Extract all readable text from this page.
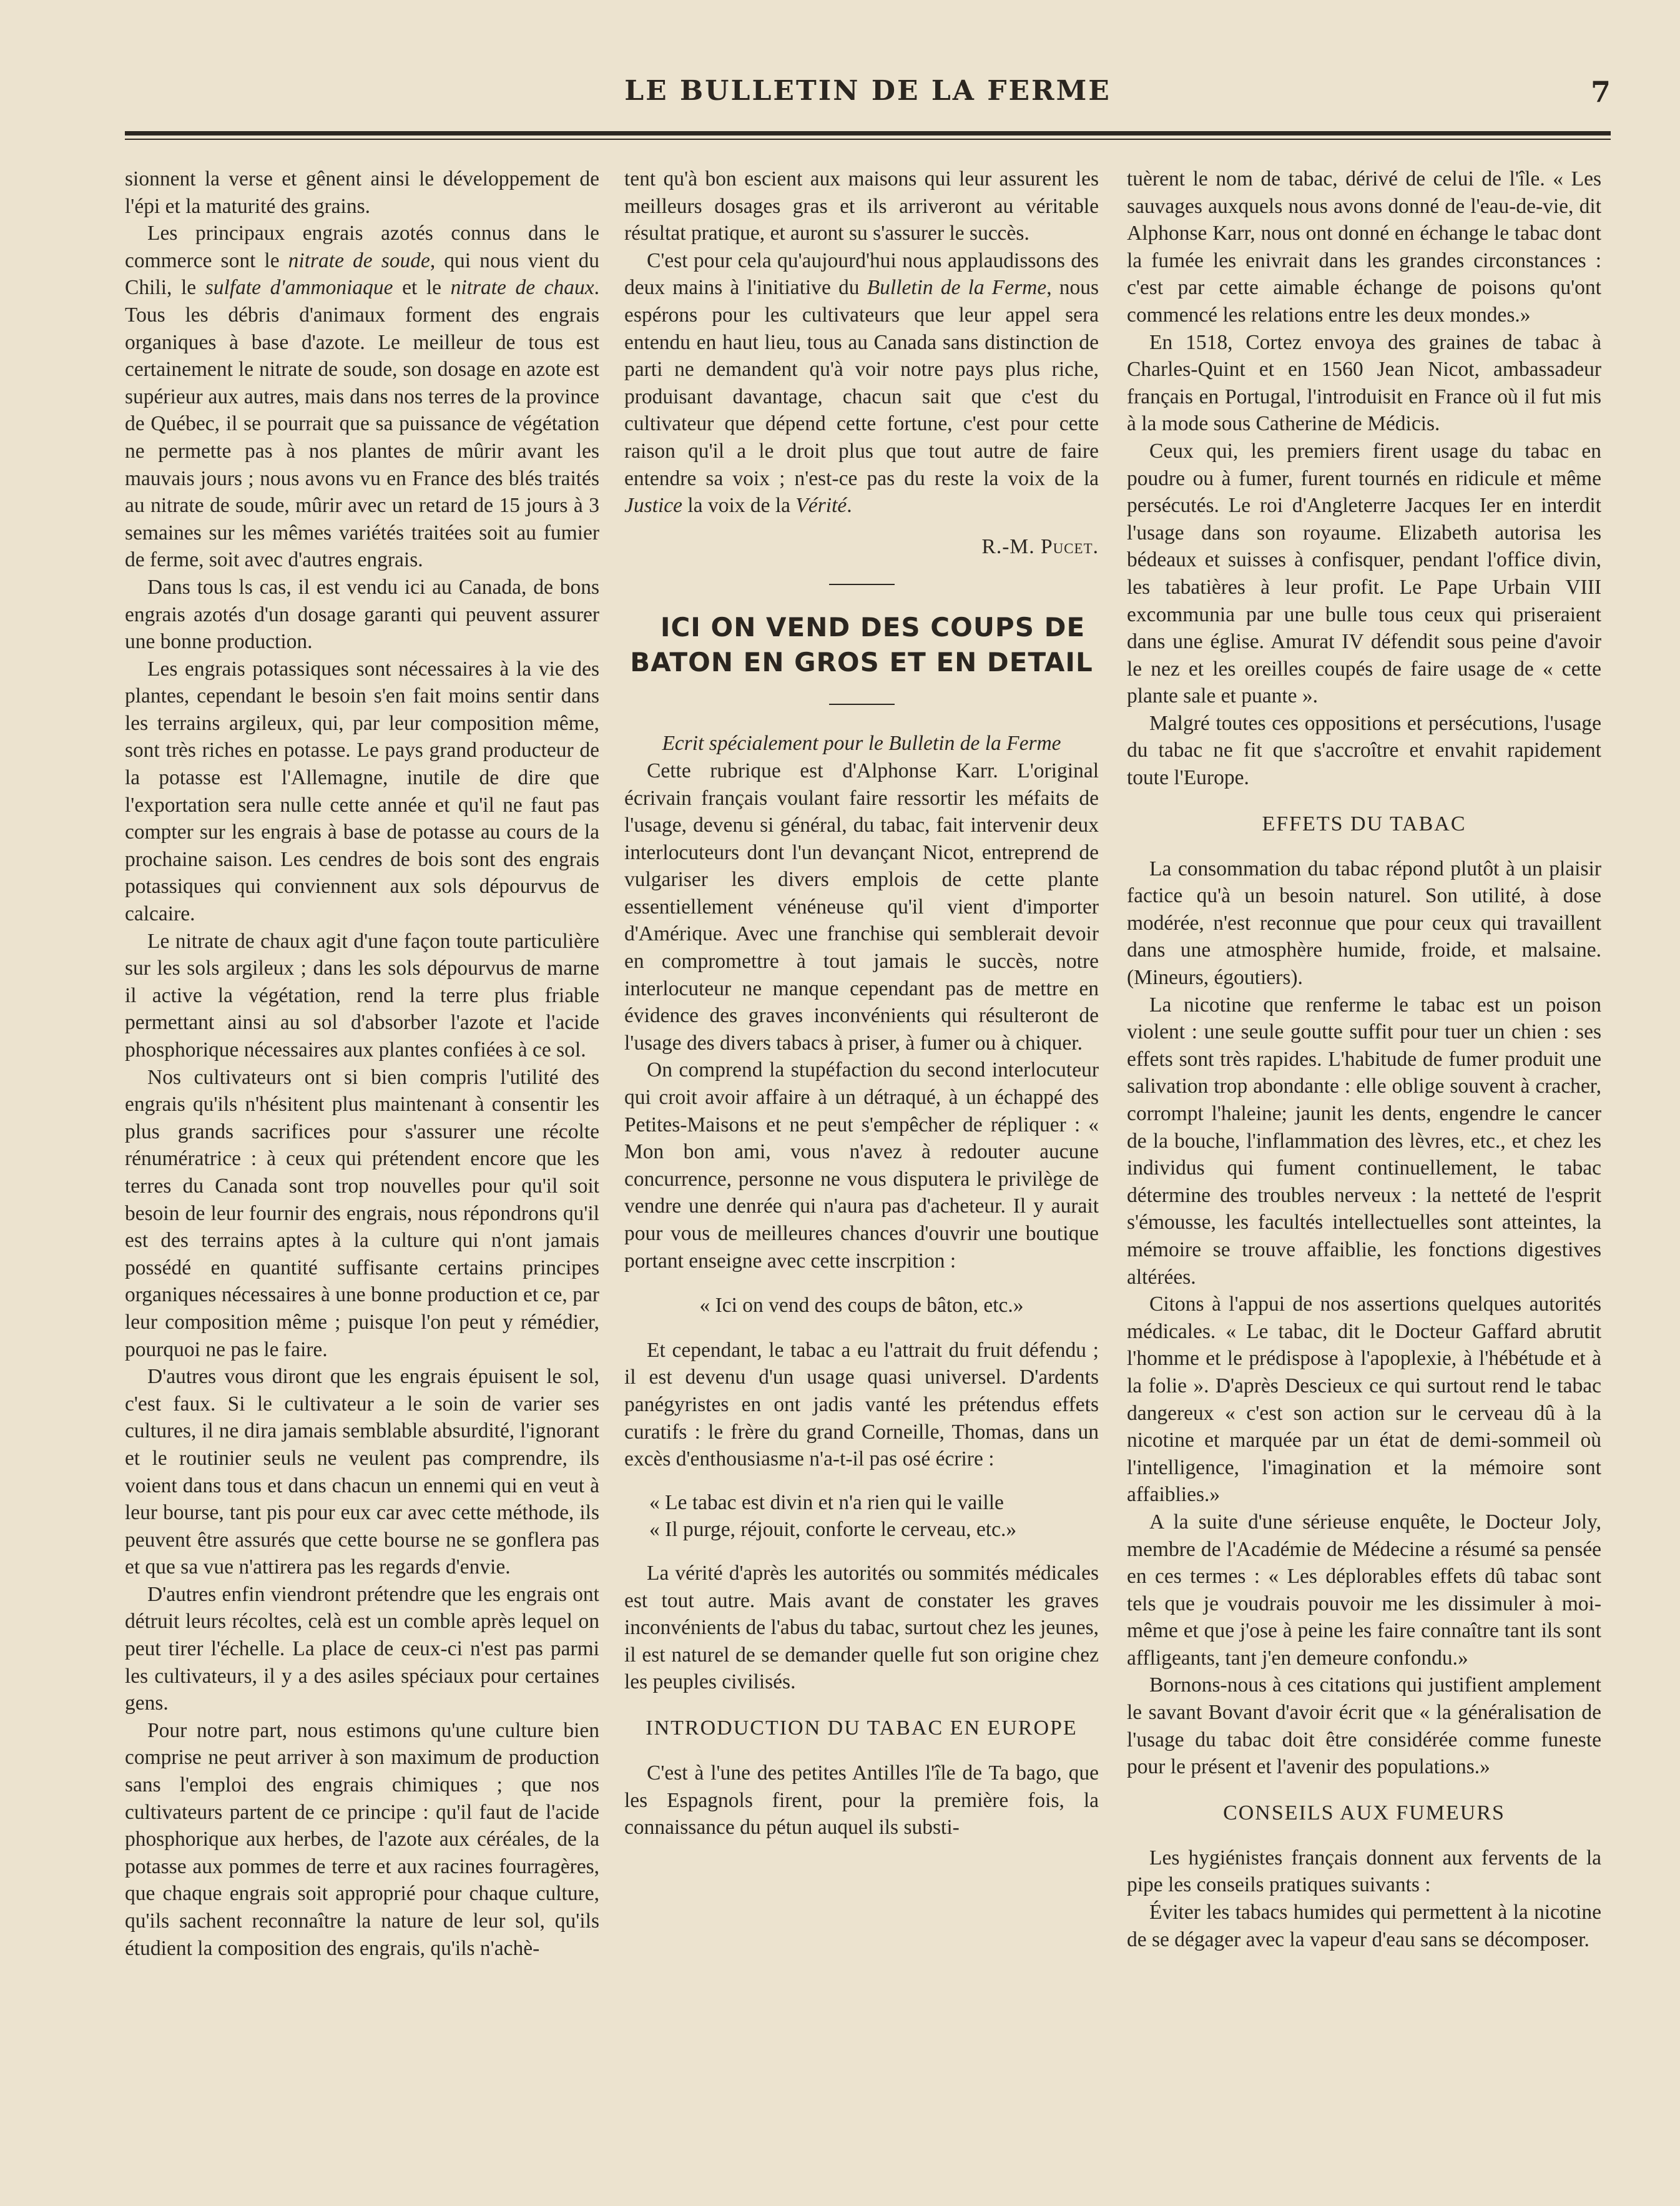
LE BULLETIN DE LA FERME	7

sionnent la verse et gênent ainsi le développement de l'épi et la maturité des grains.

Les principaux engrais azotés connus dans le commerce sont le nitrate de soude, qui nous vient du Chili, le sulfate d'ammoniaque et le nitrate de chaux. Tous les débris d'animaux forment des engrais organiques à base d'azote. Le meilleur de tous est certainement le nitrate de soude, son dosage en azote est supérieur aux autres, mais dans nos terres de la province de Québec, il se pourrait que sa puissance de végétation ne permette pas à nos plantes de mûrir avant les mauvais jours ; nous avons vu en France des blés traités au nitrate de soude, mûrir avec un retard de 15 jours à 3 semaines sur les mêmes variétés traitées soit au fumier de ferme, soit avec d'autres engrais.

Dans tous ls cas, il est vendu ici au Canada, de bons engrais azotés d'un dosage garanti qui peuvent assurer une bonne production.

Les engrais potassiques sont nécessaires à la vie des plantes, cependant le besoin s'en fait moins sentir dans les terrains argileux, qui, par leur composition même, sont très riches en potasse. Le pays grand producteur de la potasse est l'Allemagne, inutile de dire que l'exportation sera nulle cette année et qu'il ne faut pas compter sur les engrais à base de potasse au cours de la prochaine saison. Les cendres de bois sont des engrais potassiques qui conviennent aux sols dépourvus de calcaire.

Le nitrate de chaux agit d'une façon toute particulière sur les sols argileux ; dans les sols dépourvus de marne il active la végétation, rend la terre plus friable permettant ainsi au sol d'absorber l'azote et l'acide phosphorique nécessaires aux plantes confiées à ce sol.

Nos cultivateurs ont si bien compris l'utilité des engrais qu'ils n'hésitent plus maintenant à consentir les plus grands sacrifices pour s'assurer une récolte rénumératrice : à ceux qui prétendent encore que les terres du Canada sont trop nouvelles pour qu'il soit besoin de leur fournir des engrais, nous répondrons qu'il est des terrains aptes à la culture qui n'ont jamais possédé en quantité suffisante certains principes organiques nécessaires à une bonne production et ce, par leur composition même ; puisque l'on peut y rémédier, pourquoi ne pas le faire.

D'autres vous diront que les engrais épuisent le sol, c'est faux. Si le cultivateur a le soin de varier ses cultures, il ne dira jamais semblable absurdité, l'ignorant et le routinier seuls ne veulent pas comprendre, ils voient dans tous et dans chacun un ennemi qui en veut à leur bourse, tant pis pour eux car avec cette méthode, ils peuvent être assurés que cette bourse ne se gonflera pas et que sa vue n'attirera pas les regards d'envie.

D'autres enfin viendront prétendre que les engrais ont détruit leurs récoltes, celà est un comble après lequel on peut tirer l'échelle. La place de ceux-ci n'est pas parmi les cultivateurs, il y a des asiles spéciaux pour certaines gens.

Pour notre part, nous estimons qu'une culture bien comprise ne peut arriver à son maximum de production sans l'emploi des engrais chimiques ; que nos cultivateurs partent de ce principe : qu'il faut de l'acide phosphorique aux herbes, de l'azote aux céréales, de la potasse aux pommes de terre et aux racines fourragères, que chaque engrais soit approprié pour chaque culture, qu'ils sachent reconnaître la nature de leur sol, qu'ils étudient la composition des engrais, qu'ils n'achè-

tent qu'à bon escient aux maisons qui leur assurent les meilleurs dosages gras et ils arriveront au véritable résultat pratique, et auront su s'assurer le succès.

C'est pour cela qu'aujourd'hui nous applaudissons des deux mains à l'initiative du Bulletin de la Ferme, nous espérons pour les cultivateurs que leur appel sera entendu en haut lieu, tous au Canada sans distinction de parti ne demandent qu'à voir notre pays plus riche, produisant davantage, chacun sait que c'est du cultivateur que dépend cette fortune, c'est pour cette raison qu'il a le droit plus que tout autre de faire entendre sa voix ; n'est-ce pas du reste la voix de la Justice la voix de la Vérité.

R.-M. Pucet.

ICI ON VEND DES COUPS DE BATON EN GROS ET EN DETAIL

Ecrit spécialement pour le Bulletin de la Ferme

Cette rubrique est d'Alphonse Karr. L'original écrivain français voulant faire ressortir les méfaits de l'usage, devenu si général, du tabac, fait intervenir deux interlocuteurs dont l'un devançant Nicot, entreprend de vulgariser les divers emplois de cette plante essentiellement vénéneuse qu'il vient d'importer d'Amérique. Avec une franchise qui semblerait devoir en compromettre à tout jamais le succès, notre interlocuteur ne manque cependant pas de mettre en évidence des graves inconvénients qui résulteront de l'usage des divers tabacs à priser, à fumer ou à chiquer.

On comprend la stupéfaction du second interlocuteur qui croit avoir affaire à un détraqué, à un échappé des Petites-Maisons et ne peut s'empêcher de répliquer : « Mon bon ami, vous n'avez à redouter aucune concurrence, personne ne vous disputera le privilège de vendre une denrée qui n'aura pas d'acheteur. Il y aurait pour vous de meilleures chances d'ouvrir une boutique portant enseigne avec cette inscrpition :

« Ici on vend des coups de bâton, etc.»

Et cependant, le tabac a eu l'attrait du fruit défendu ; il est devenu d'un usage quasi universel. D'ardents panégyristes en ont jadis vanté les prétendus effets curatifs : le frère du grand Corneille, Thomas, dans un excès d'enthousiasme n'a-t-il pas osé écrire :

« Le tabac est divin et n'a rien qui le vaille

« Il purge, réjouit, conforte le cerveau, etc.»

La vérité d'après les autorités ou sommités médicales est tout autre. Mais avant de constater les graves inconvénients de l'abus du tabac, surtout chez les jeunes, il est naturel de se demander quelle fut son origine chez les peuples civilisés.

INTRODUCTION DU TABAC EN EUROPE

C'est à l'une des petites Antilles l'île de Ta bago, que les Espagnols firent, pour la première fois, la connaissance du pétun auquel ils substi-

tuèrent le nom de tabac, dérivé de celui de l'île. « Les sauvages auxquels nous avons donné de l'eau-de-vie, dit Alphonse Karr, nous ont donné en échange le tabac dont la fumée les enivrait dans les grandes circonstances : c'est par cette aimable échange de poisons qu'ont commencé les relations entre les deux mondes.»

En 1518, Cortez envoya des graines de tabac à Charles-Quint et en 1560 Jean Nicot, ambassadeur français en Portugal, l'introduisit en France où il fut mis à la mode sous Catherine de Médicis.

Ceux qui, les premiers firent usage du tabac en poudre ou à fumer, furent tournés en ridicule et même persécutés. Le roi d'Angleterre Jacques Ier en interdit l'usage dans son royaume. Elizabeth autorisa les bédeaux et suisses à confisquer, pendant l'office divin, les tabatières à leur profit. Le Pape Urbain VIII excommunia par une bulle tous ceux qui priseraient dans une église. Amurat IV défendit sous peine d'avoir le nez et les oreilles coupés de faire usage de « cette plante sale et puante ».

Malgré toutes ces oppositions et persécutions, l'usage du tabac ne fit que s'accroître et envahit rapidement toute l'Europe.

EFFETS DU TABAC

La consommation du tabac répond plutôt à un plaisir factice qu'à un besoin naturel. Son utilité, à dose modérée, n'est reconnue que pour ceux qui travaillent dans une atmosphère humide, froide, et malsaine. (Mineurs, égoutiers).

La nicotine que renferme le tabac est un poison violent : une seule goutte suffit pour tuer un chien : ses effets sont très rapides. L'habitude de fumer produit une salivation trop abondante : elle oblige souvent à cracher, corrompt l'haleine; jaunit les dents, engendre le cancer de la bouche, l'inflammation des lèvres, etc., et chez les individus qui fument continuellement, le tabac détermine des troubles nerveux : la netteté de l'esprit s'émousse, les facultés intellectuelles sont atteintes, la mémoire se trouve affaiblie, les fonctions digestives altérées.

Citons à l'appui de nos assertions quelques autorités médicales. « Le tabac, dit le Docteur Gaffard abrutit l'homme et le prédispose à l'apoplexie, à l'hébétude et à la folie ». D'après Descieux ce qui surtout rend le tabac dangereux « c'est son action sur le cerveau dû à la nicotine et marquée par un état de demi-sommeil où l'intelligence, l'imagination et la mémoire sont affaiblies.»

A la suite d'une sérieuse enquête, le Docteur Joly, membre de l'Académie de Médecine a résumé sa pensée en ces termes : « Les déplorables effets dû tabac sont tels que je voudrais pouvoir me les dissimuler à moi-même et que j'ose à peine les faire connaître tant ils sont affligeants, tant j'en demeure confondu.»

Bornons-nous à ces citations qui justifient amplement le savant Bovant d'avoir écrit que « la généralisation de l'usage du tabac doit être considérée comme funeste pour le présent et l'avenir des populations.»

CONSEILS AUX FUMEURS

Les hygiénistes français donnent aux fervents de la pipe les conseils pratiques suivants :

Éviter les tabacs humides qui permettent à la nicotine de se dégager avec la vapeur d'eau sans se décomposer.
